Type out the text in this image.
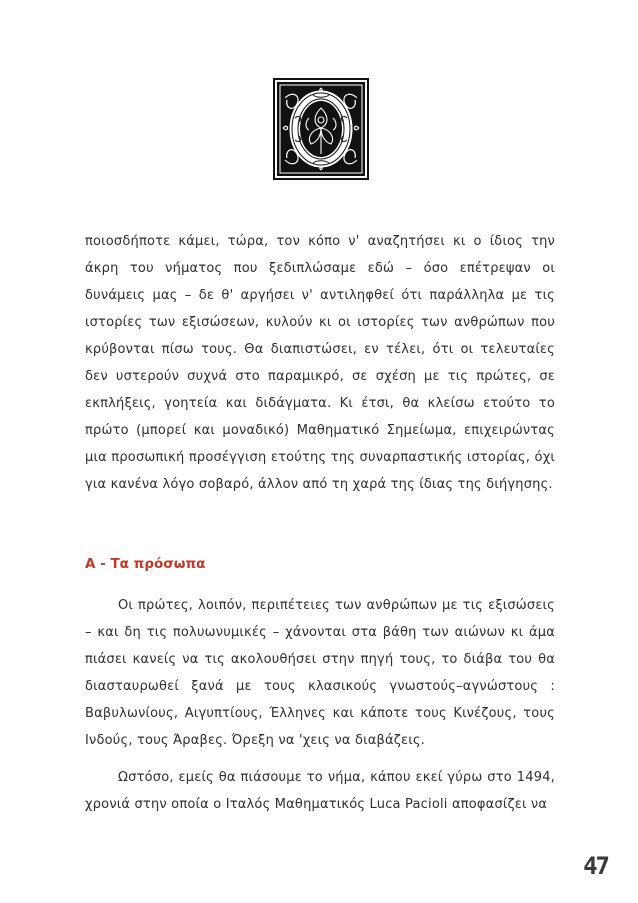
ποιοσδήποτε κάμει, τώρα, τον κόπο ν' αναζητήσει κι ο ίδιος την άκρη του νήματος που ξεδιπλώσαμε εδώ – όσο επέτρεψαν οι δυνάμεις μας – δε θ' αργήσει ν' αντιληφθεί ότι παράλληλα με τις ιστορίες των εξισώσεων, κυλούν κι οι ιστορίες των ανθρώπων που κρύβονται πίσω τους. Θα διαπιστώσει, εν τέλει, ότι οι τελευταίες δεν υστερούν συχνά στο παραμικρό, σε σχέση με τις πρώτες, σε εκπλήξεις, γοητεία και διδάγματα. Κι έτσι, θα κλείσω ετούτο το πρώτο (μπορεί και μοναδικό) Μαθηματικό Σημείωμα, επιχειρώντας μια προσωπική προσέγγιση ετούτης της συναρπαστικής ιστορίας, όχι για κανένα λόγο σοβαρό, άλλον από τη χαρά της ίδιας της διήγησης.
Α - Τα πρόσωπα
Οι πρώτες, λοιπόν, περιπέτειες των ανθρώπων με τις εξισώσεις – και δη τις πολυωνυμικές – χάνονται στα βάθη των αιώνων κι άμα πιάσει κανείς να τις ακολουθήσει στην πηγή τους, το διάβα του θα διασταυρωθεί ξανά με τους κλασικούς γνωστούς–αγνώστους : Βαβυλωνίους, Αιγυπτίους, Έλληνες και κάποτε τους Κινέζους, τους Ινδούς, τους Άραβες. Όρεξη να 'χεις να διαβάζεις.
Ωστόσο, εμείς θα πιάσουμε το νήμα, κάπου εκεί γύρω στο 1494, χρονιά στην οποία ο Ιταλός Μαθηματικός Luca Pacioli αποφασίζει να
47
